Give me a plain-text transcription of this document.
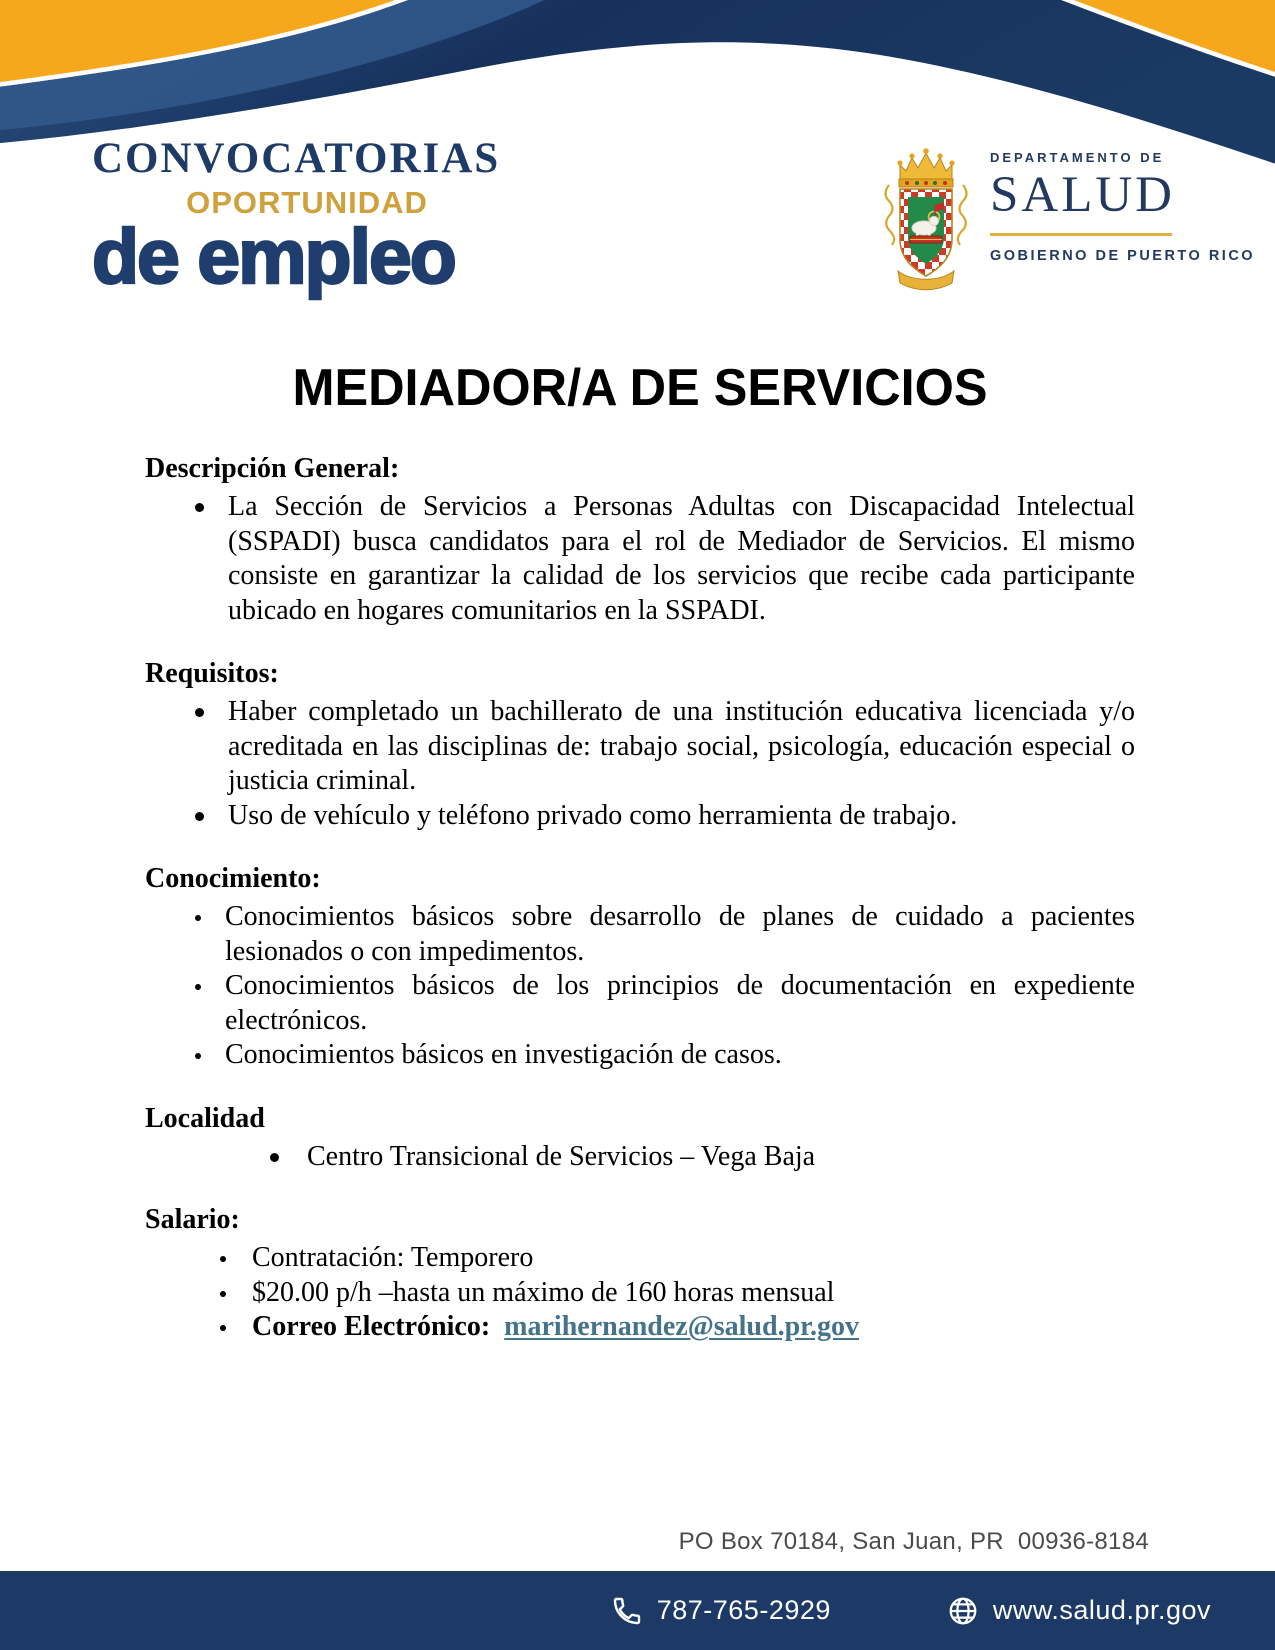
CONVOCATORIAS
OPORTUNIDAD
de empleo
DEPARTAMENTO DE
SALUD
GOBIERNO DE PUERTO RICO
MEDIADOR/A DE SERVICIOS
Descripción General:
La Sección de Servicios a Personas Adultas con Discapacidad Intelectual (SSPADI) busca candidatos para el rol de Mediador de Servicios. El mismo consiste en garantizar la calidad de los servicios que recibe cada participante ubicado en hogares comunitarios en la SSPADI.
Requisitos:
Haber completado un bachillerato de una institución educativa licenciada y/o acreditada en las disciplinas de: trabajo social, psicología, educación especial o justicia criminal.
Uso de vehículo y teléfono privado como herramienta de trabajo.
Conocimiento:
Conocimientos básicos sobre desarrollo de planes de cuidado a pacientes lesionados o con impedimentos.
Conocimientos básicos de los principios de documentación en expediente electrónicos.
Conocimientos básicos en investigación de casos.
Localidad
Centro Transicional de Servicios – Vega Baja
Salario:
Contratación: Temporero
$20.00 p/h –hasta un máximo de 160 horas mensual
Correo Electrónico: marihernandez@salud.pr.gov
PO Box 70184, San Juan, PR  00936-8184
787-765-2929	www.salud.pr.gov
